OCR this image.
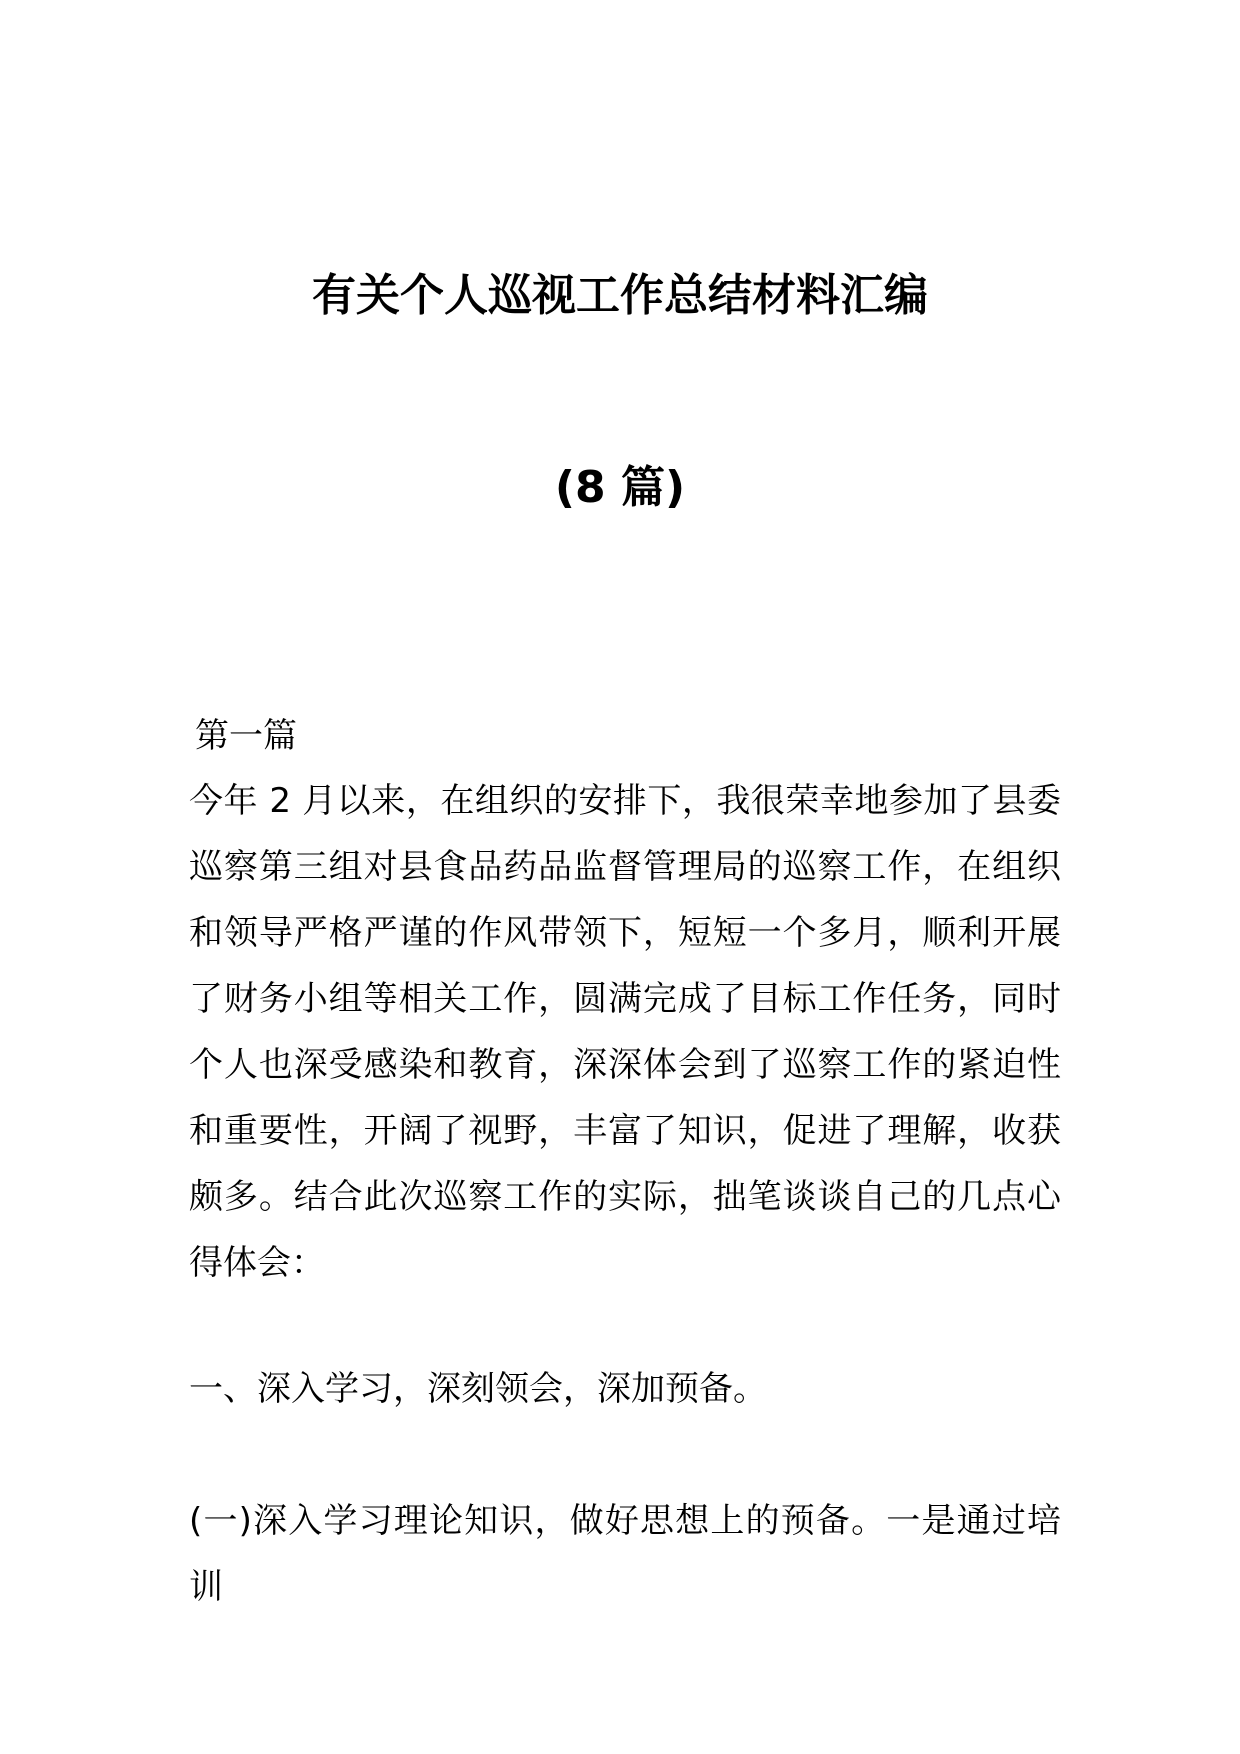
有关个人巡视工作总结材料汇编
(8 篇)
第一篇

今年 2 月以来，在组织的安排下，我很荣幸地参加了县委巡察第三组对县食品药品监督管理局的巡察工作，在组织和领导严格严谨的作风带领下，短短一个多月，顺利开展了财务小组等相关工作，圆满完成了目标工作任务，同时个人也深受感染和教育，深深体会到了巡察工作的紧迫性和重要性，开阔了视野，丰富了知识，促进了理解，收获颇多。结合此次巡察工作的实际，拙笔谈谈自己的几点心得体会：

一、深入学习，深刻领会，深加预备。

(一)深入学习理论知识，做好思想上的预备。一是通过培训
